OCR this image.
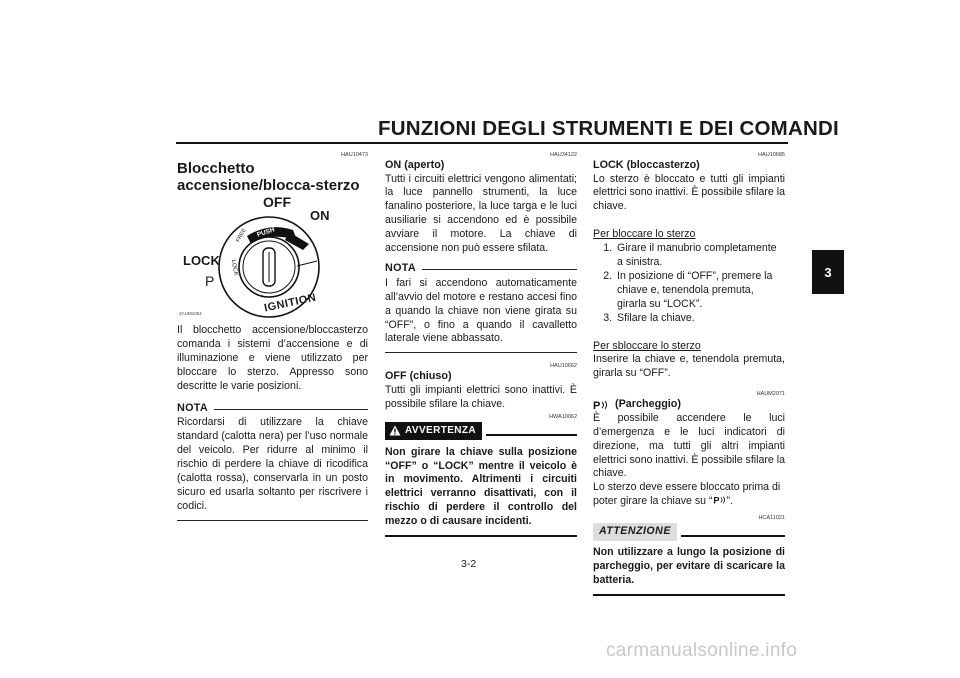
FUNZIONI DEGLI STRUMENTI E DEI COMANDI
3
HAU10473
Blocchetto accensione/blocca-sterzo
OFF
ON
LOCK
P
PUSH
FREE
IGNITION
LOCK
ZAUM1054

Il blocchetto accensione/bloccasterzo comanda i sistemi d’accensione e di illuminazione e viene utilizzato per bloccare lo sterzo. Appresso sono descritte le varie posizioni.

NOTA

Ricordarsi di utilizzare la chiave standard (calotta nera) per l’uso normale del veicolo. Per ridurre al minimo il rischio di perdere la chiave di ricodifica (calotta rossa), conservarla in un posto sicuro ed usarla soltanto per riscrivere i codici.

HAU34122
ON (aperto)

Tutti i circuiti elettrici vengono alimentati; la luce pannello strumenti, la luce fanalino posteriore, la luce targa e le luci ausiliarie si accendono ed è possibile avviare il motore. La chiave di accensione non può essere sfilata.

NOTA

I fari si accendono automaticamente all’avvio del motore e restano accesi fino a quando la chiave non viene girata su “OFF”, o fino a quando il cavalletto laterale viene abbassato.

HAU10662
OFF (chiuso)

Tutti gli impianti elettrici sono inattivi. È possibile sfilare la chiave.

HWA10062
AVVERTENZA

Non girare la chiave sulla posizione “OFF” o “LOCK” mentre il veicolo è in movimento. Altrimenti i circuiti elettrici verranno disattivati, con il rischio di perdere il controllo del mezzo o di causare incidenti.

HAU10685
LOCK (bloccasterzo)

Lo sterzo è bloccato e tutti gli impianti elettrici sono inattivi. È possibile sfilare la chiave.

Per bloccare lo sterzo

1. Girare il manubrio completamente a sinistra.
2. In posizione di “OFF”, premere la chiave e, tenendola premuta, girarla su “LOCK”.
3. Sfilare la chiave.

Per sbloccare lo sterzo

Inserire la chiave e, tenendola premuta, girarla su “OFF”.

HAUM2971
P (Parcheggio)

È possibile accendere le luci d’emergenza e le luci indicatori di direzione, ma tutti gli altri impianti elettrici sono inattivi. È possibile sfilare la chiave.

Lo sterzo deve essere bloccato prima di poter girare la chiave su “ P ”.

HCA11021
ATTENZIONE

Non utilizzare a lungo la posizione di parcheggio, per evitare di scaricare la batteria.

3-2
carmanualsonline.info
